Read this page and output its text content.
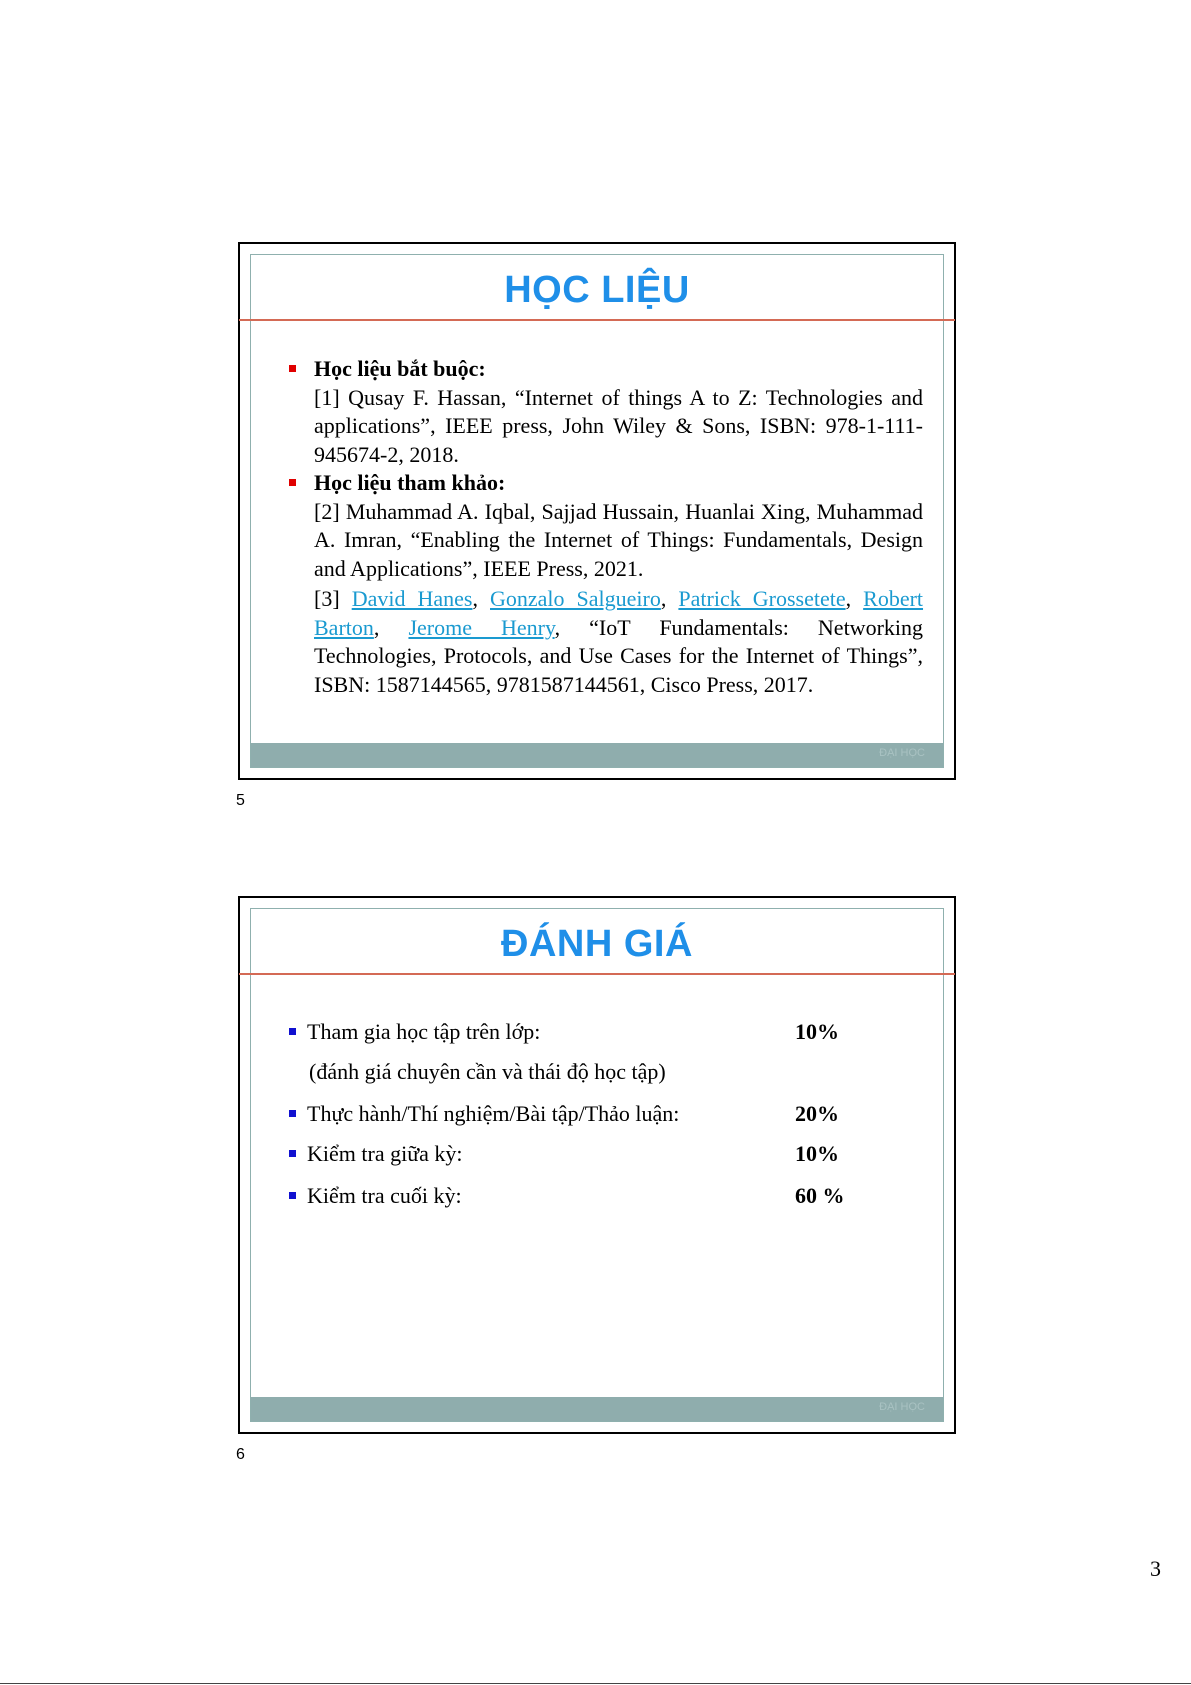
HỌC LIỆU
Học liệu bắt buộc:
[1] Qusay F. Hassan, “Internet of things A to Z: Technologies and applications”, IEEE press, John Wiley & Sons, ISBN: 978-1-111-945674-2, 2018.
Học liệu tham khảo:
[2] Muhammad A. Iqbal, Sajjad Hussain, Huanlai Xing, Muhammad A. Imran, “Enabling the Internet of Things: Fundamentals, Design and Applications”, IEEE Press, 2021.
[3] David Hanes, Gonzalo Salgueiro, Patrick Grossetete, Robert Barton, Jerome Henry, “IoT Fundamentals: Networking Technologies, Protocols, and Use Cases for the Internet of Things”, ISBN: 1587144565, 9781587144561, Cisco Press, 2017.
ĐẠI HỌC
5
ĐÁNH GIÁ
Tham gia học tập trên lớp:	10%
(đánh giá chuyên cần và thái độ học tập)
Thực hành/Thí nghiệm/Bài tập/Thảo luận:	20%
Kiểm tra giữa kỳ:	10%
Kiểm tra cuối kỳ:	60 %
ĐẠI HỌC
6
3
